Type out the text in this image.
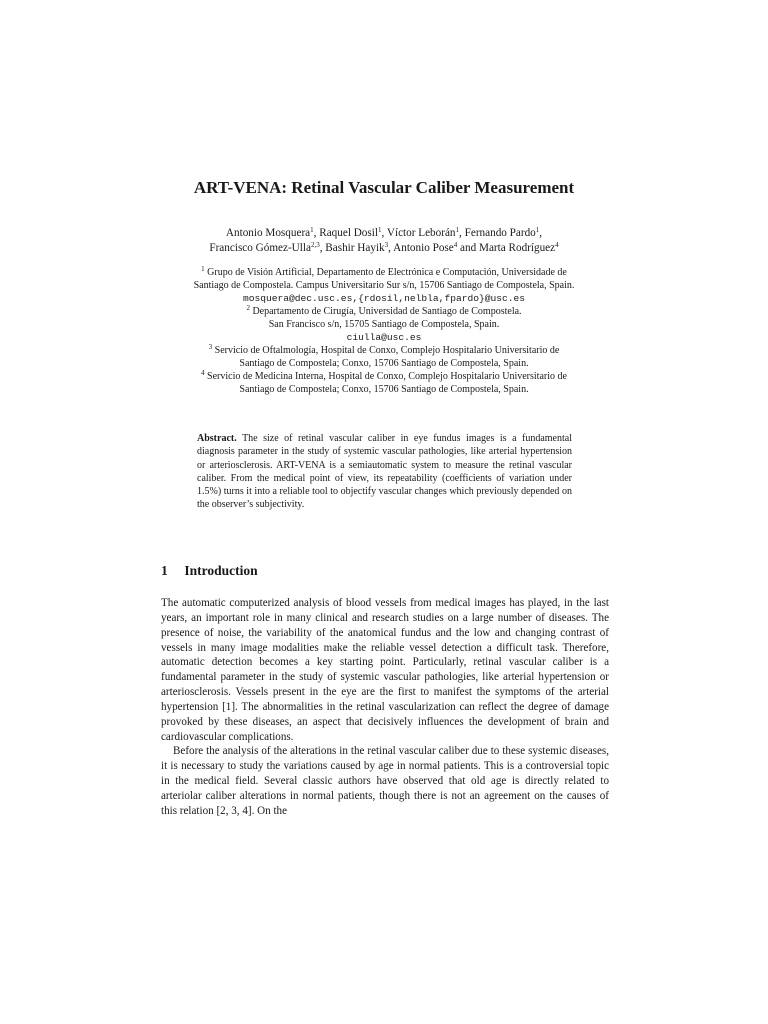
ART-VENA: Retinal Vascular Caliber Measurement
Antonio Mosquera$^1$, Raquel Dosil$^1$, Víctor Leborán$^1$, Fernando Pardo$^1$,
Francisco Gómez-Ulla$^{2,3}$, Bashir Hayik$^3$, Antonio Pose$^4$ and Marta Rodríguez$^4$
$^1$ Grupo de Visión Artificial, Departamento de Electrónica e Computación, Universidade de
Santiago de Compostela. Campus Universitario Sur s/n, 15706 Santiago de Compostela, Spain.
mosquera@dec.usc.es,{rdosil,nelbla,fpardo}@usc.es
$^2$ Departamento de Cirugía, Universidad de Santiago de Compostela.
San Francisco s/n, 15705 Santiago de Compostela, Spain.
ciulla@usc.es
$^3$ Servicio de Oftalmología, Hospital de Conxo, Complejo Hospitalario Universitario de
Santiago de Compostela; Conxo, 15706 Santiago de Compostela, Spain.
$^4$ Servicio de Medicina Interna, Hospital de Conxo, Complejo Hospitalario Universitario de
Santiago de Compostela; Conxo, 15706 Santiago de Compostela, Spain.
Abstract. The size of retinal vascular caliber in eye fundus images is a fundamental diagnosis parameter in the study of systemic vascular pathologies, like arterial hypertension or arteriosclerosis. ART-VENA is a semiautomatic system to measure the retinal vascular caliber. From the medical point of view, its repeatability (coefficients of variation under 1.5%) turns it into a reliable tool to objectify vascular changes which previously depended on the observer’s subjectivity.
1 Introduction

The automatic computerized analysis of blood vessels from medical images has played, in the last years, an important role in many clinical and research studies on a large number of diseases. The presence of noise, the variability of the anatomical fundus and the low and changing contrast of vessels in many image modalities make the reliable vessel detection a difficult task. Therefore, automatic detection becomes a key starting point. Particularly, retinal vascular caliber is a fundamental parameter in the study of systemic vascular pathologies, like arterial hypertension or arteriosclerosis. Vessels present in the eye are the first to manifest the symptoms of the arterial hypertension [1]. The abnormalities in the retinal vascularization can reflect the degree of damage provoked by these diseases, an aspect that decisively influences the development of brain and cardiovascular complications.

Before the analysis of the alterations in the retinal vascular caliber due to these systemic diseases, it is necessary to study the variations caused by age in normal patients. This is a controversial topic in the medical field. Several classic authors have observed that old age is directly related to arteriolar caliber alterations in normal patients, though there is not an agreement on the causes of this relation [2, 3, 4]. On the
